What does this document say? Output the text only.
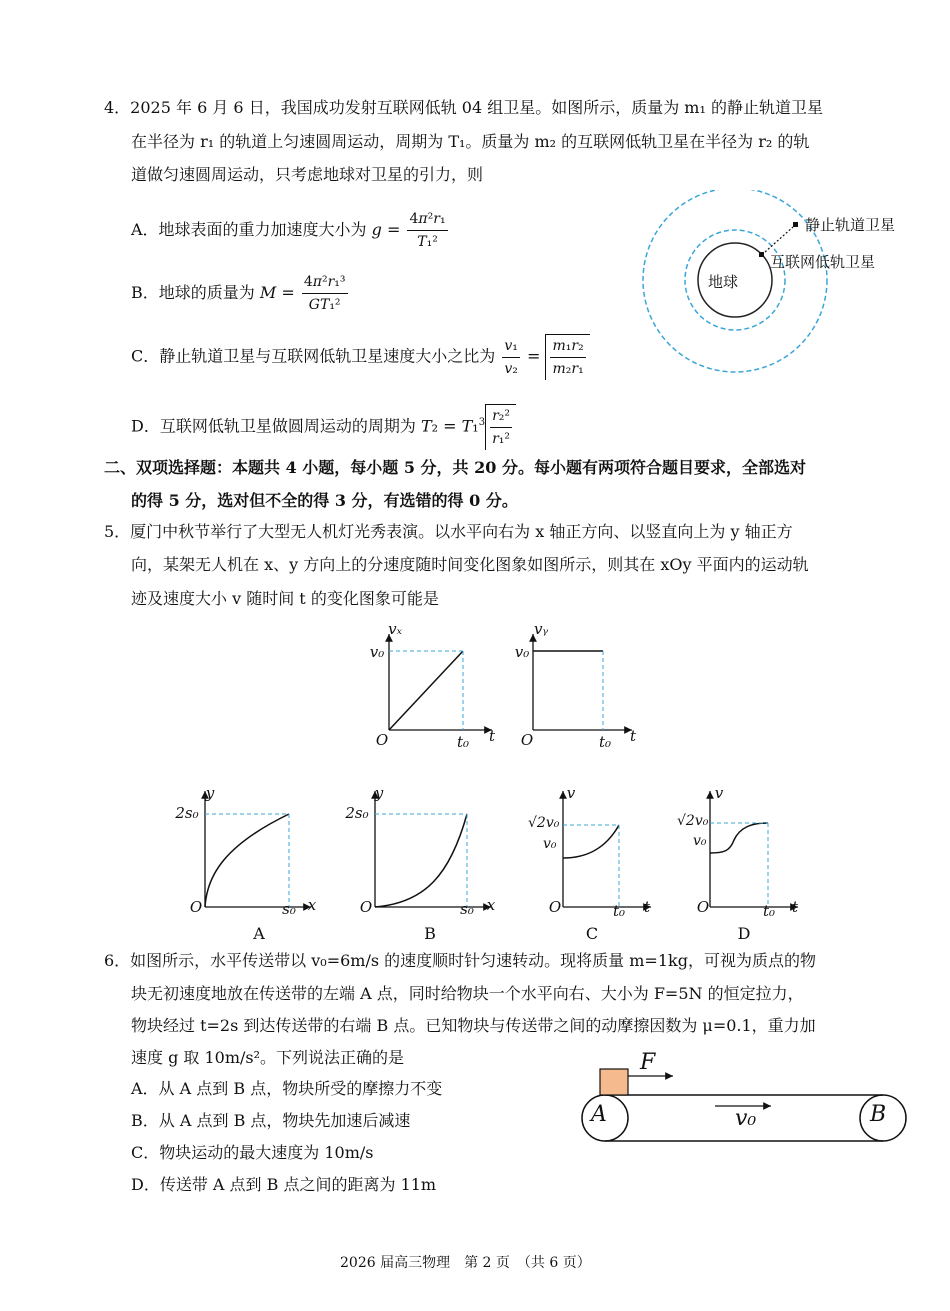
4．2025 年 6 月 6 日，我国成功发射互联网低轨 04 组卫星。如图所示，质量为 m₁ 的静止轨道卫星
在半径为 r₁ 的轨道上匀速圆周运动，周期为 T₁。质量为 m₂ 的互联网低轨卫星在半径为 r₂ 的轨
道做匀速圆周运动，只考虑地球对卫星的引力，则
A．地球表面的重力加速度大小为 $g = \frac{\text{4π²r₁}}{\text{T₁²}}$
B．地球的质量为 $M = \frac{\text{4π²r₁³}}{\text{GT₁²}}$
C．静止轨道卫星与互联网低轨卫星速度大小之比为 $\frac{\text{v₁}}{\text{v₂}} = \frac{\text{m₁r₂}}{\text{m₂r₁}}$
D．互联网低轨卫星做圆周运动的周期为 $T_2 = T_1^3 \frac{\text{r₂²}}{\text{r₁²}}$
地球
静止轨道卫星
互联网低轨卫星
二、双项选择题：本题共 4 小题，每小题 5 分，共 20 分。每小题有两项符合题目要求，全部选对
的得 5 分，选对但不全的得 3 分，有选错的得 0 分。
5．厦门中秋节举行了大型无人机灯光秀表演。以水平向右为 x 轴正方向、以竖直向上为 y 轴正方
向，某架无人机在 x、y 方向上的分速度随时间变化图象如图所示，则其在 xOy 平面内的运动轨
迹及速度大小 v 随时间 t 的变化图象可能是
v₀
vₓ
O	t₀	t
v₀
vᵧ
O	t₀	t
2s₀
y
O	s₀ x
A
2s₀
y
O	s₀ x
B
√2v₀
v₀
v
O	t₀	t
C
√2v₀
v₀
v
O	t₀	t
D
6．如图所示，水平传送带以 v₀=6m/s 的速度顺时针匀速转动。现将质量 m=1kg，可视为质点的物
块无初速度地放在传送带的左端 A 点，同时给物块一个水平向右、大小为 F=5N 的恒定拉力，
物块经过 t=2s 到达传送带的右端 B 点。已知物块与传送带之间的动摩擦因数为 μ=0.1，重力加
速度 g 取 10m/s²。下列说法正确的是
A．从 A 点到 B 点，物块所受的摩擦力不变
B．从 A 点到 B 点，物块先加速后减速
C．物块运动的最大速度为 10m/s
D．传送带 A 点到 B 点之间的距离为 11m
A	B
F
v₀
2026 届高三物理　第 2 页　（共 6 页）
